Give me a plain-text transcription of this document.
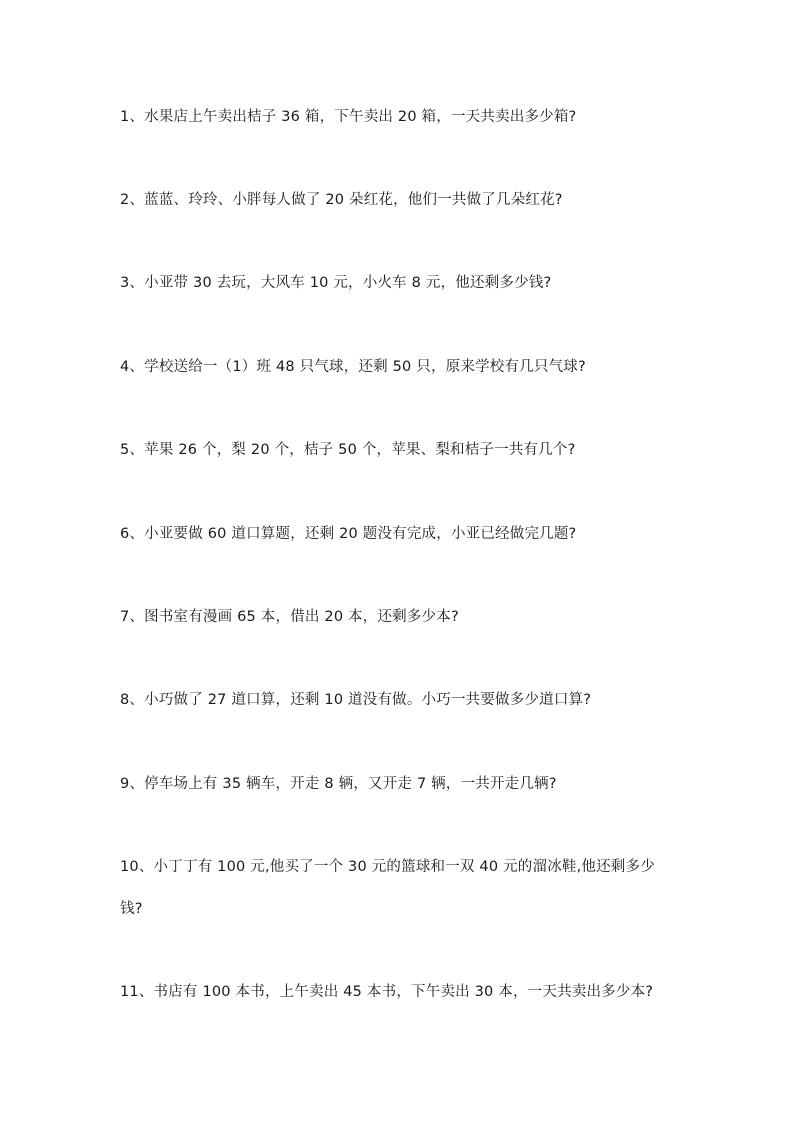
1、水果店上午卖出桔子 36 箱，下午卖出 20 箱，一天共卖出多少箱?
2、蓝蓝、玲玲、小胖每人做了 20 朵红花，他们一共做了几朵红花?
3、小亚带 30 去玩，大风车 10 元，小火车 8 元，他还剩多少钱?
4、学校送给一（1）班 48 只气球，还剩 50 只，原来学校有几只气球?
5、苹果 26 个，梨 20 个，桔子 50 个，苹果、梨和桔子一共有几个?
6、小亚要做 60 道口算题，还剩 20 题没有完成，小亚已经做完几题?
7、图书室有漫画 65 本，借出 20 本，还剩多少本?
8、小巧做了 27 道口算，还剩 10 道没有做。小巧一共要做多少道口算?
9、停车场上有 35 辆车，开走 8 辆，又开走 7 辆，一共开走几辆?
10、小丁丁有 100 元,他买了一个 30 元的篮球和一双 40 元的溜冰鞋,他还剩多少
钱?
11、书店有 100 本书，上午卖出 45 本书，下午卖出 30 本，一天共卖出多少本?
